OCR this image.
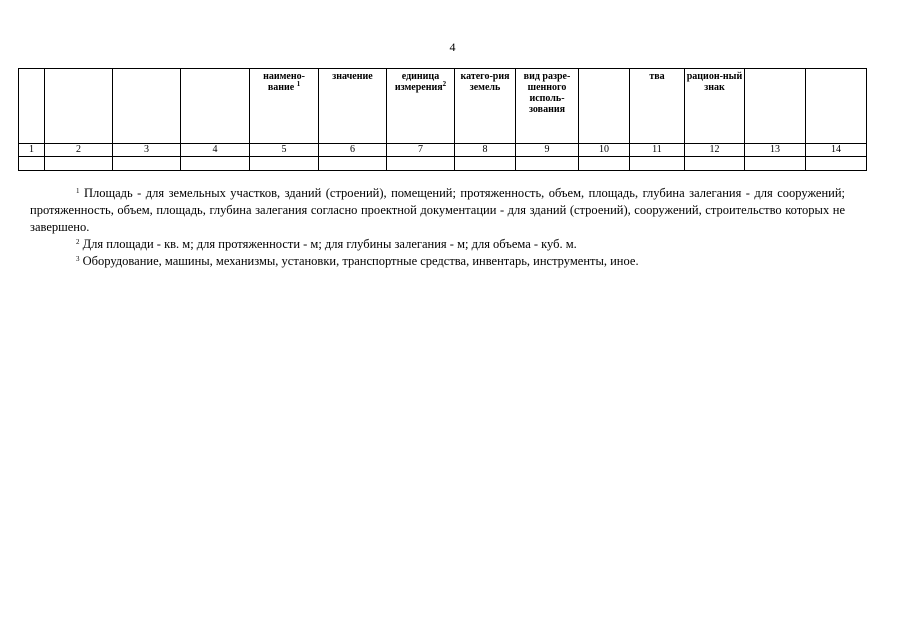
4
				наимено-вание $^1$	значение	единица измерения$^2$	катего-рия земель	вид разре-шенного исполь-зования		тва	рацион-ный знак		
1	2	3	4	5	6	7	8	9	10	11	12	13	14

$^1$ Площадь - для земельных участков, зданий (строений), помещений; протяженность, объем, площадь, глубина залегания - для сооружений; протяженность, объем, площадь, глубина залегания согласно проектной документации - для зданий (строений), сооружений, строительство которых не завершено.

$^2$ Для площади - кв. м; для протяженности - м; для глубины залегания - м; для объема - куб. м.

$^3$ Оборудование, машины, механизмы, установки, транспортные средства, инвентарь, инструменты, иное.
